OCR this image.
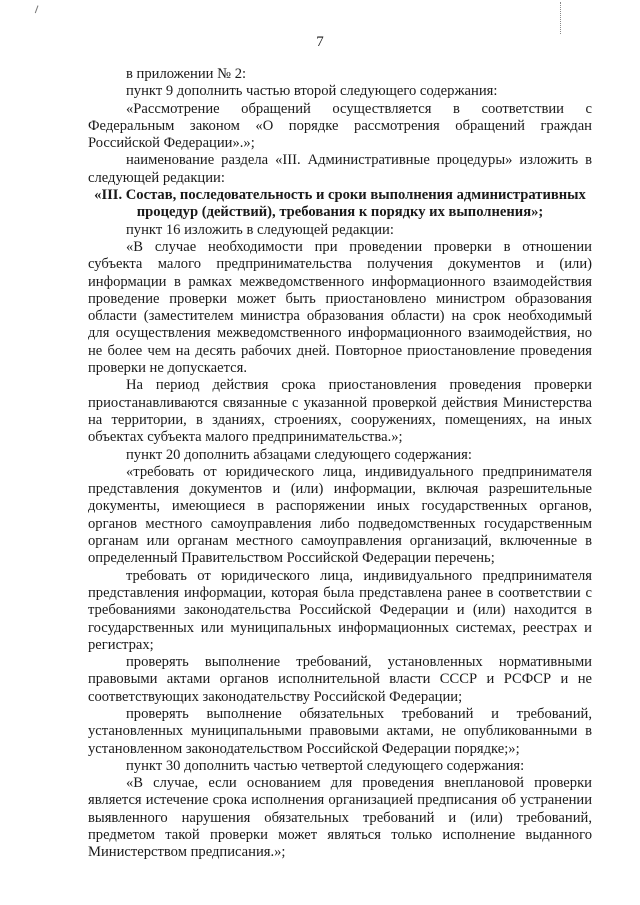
7

в приложении № 2:

пункт 9 дополнить частью второй следующего содержания:

«Рассмотрение обращений осуществляется в соответствии с Федеральным законом «О порядке рассмотрения обращений граждан Российской Федерации».»;

наименование раздела «III. Административные процедуры» изложить в следующей редакции:

«III. Состав, последовательность и сроки выполнения административных процедур (действий), требования к порядку их выполнения»;

пункт 16 изложить в следующей редакции:

«В случае необходимости при проведении проверки в отношении субъекта малого предпринимательства получения документов и (или) информации в рамках межведомственного информационного взаимодействия проведение проверки может быть приостановлено министром образования области (заместителем министра образования области) на срок необходимый для осуществления межведомственного информационного взаимодействия, но не более чем на десять рабочих дней. Повторное приостановление проведения проверки не допускается.

На период действия срока приостановления проведения проверки приостанавливаются связанные с указанной проверкой действия Министерства на территории, в зданиях, строениях, сооружениях, помещениях, на иных объектах субъекта малого предпринимательства.»;

пункт 20 дополнить абзацами следующего содержания:

«требовать от юридического лица, индивидуального предпринимателя представления документов и (или) информации, включая разрешительные документы, имеющиеся в распоряжении иных государственных органов, органов местного самоуправления либо подведомственных государственным органам или органам местного самоуправления организаций, включенные в определенный Правительством Российской Федерации перечень;

требовать от юридического лица, индивидуального предпринимателя представления информации, которая была представлена ранее в соответствии с требованиями законодательства Российской Федерации и (или) находится в государственных или муниципальных информационных системах, реестрах и регистрах;

проверять выполнение требований, установленных нормативными правовыми актами органов исполнительной власти СССР и РСФСР и не соответствующих законодательству Российской Федерации;

проверять выполнение обязательных требований и требований, установленных муниципальными правовыми актами, не опубликованными в установленном законодательством Российской Федерации порядке;»;

пункт 30 дополнить частью четвертой следующего содержания:

«В случае, если основанием для проведения внеплановой проверки является истечение срока исполнения организацией предписания об устранении выявленного нарушения обязательных требований и (или) требований, предметом такой проверки может являться только исполнение выданного Министерством предписания.»;
